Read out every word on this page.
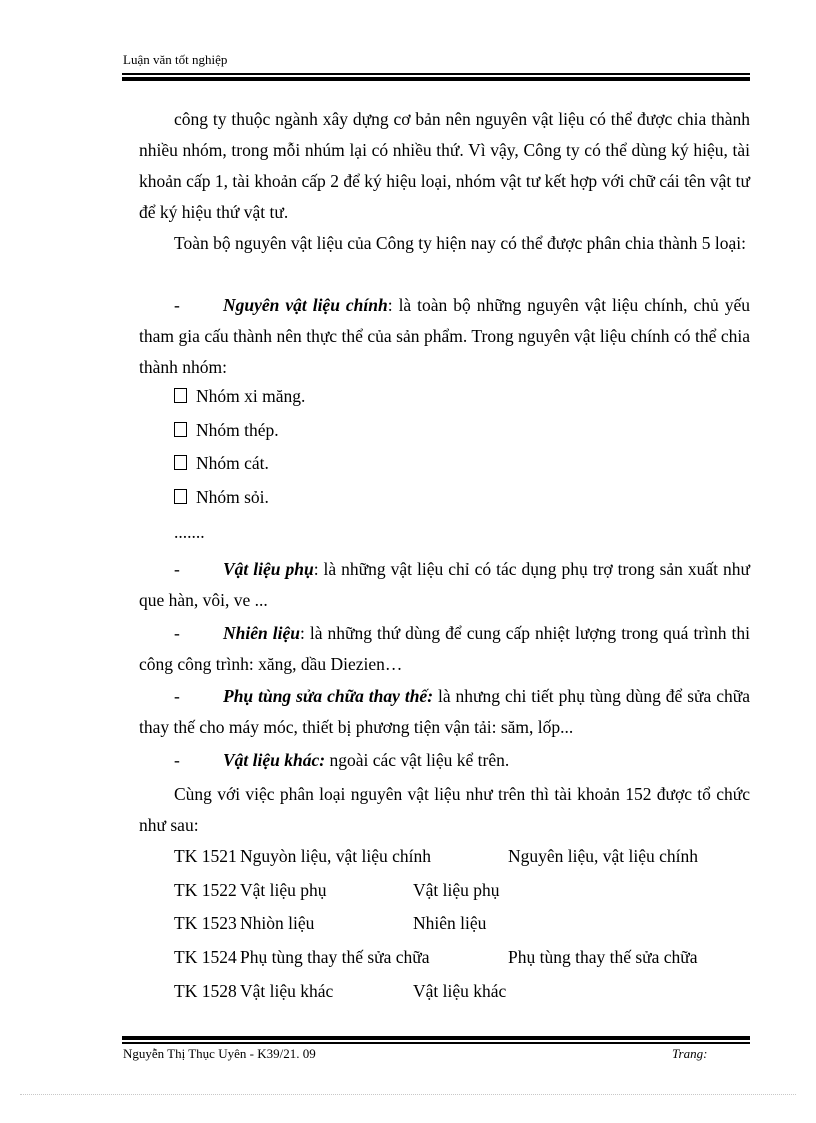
Luận văn tốt nghiệp
công ty thuộc ngành xây dựng cơ bản nên nguyên vật liệu có thể được chia thành nhiều nhóm, trong mỗi nhúm lại có nhiều thứ. Vì vậy, Công ty có thể dùng ký hiệu, tài khoản cấp 1, tài khoản cấp 2 để ký hiệu loại, nhóm vật tư kết hợp với chữ cái tên vật tư để ký hiệu thứ vật tư.
Toàn bộ nguyên vật liệu của Công ty hiện nay có thể được phân chia thành 5 loại:
- Nguyên vật liệu chính: là toàn bộ những nguyên vật liệu chính, chủ yếu tham gia cấu thành nên thực thể của sản phẩm. Trong nguyên vật liệu chính có thể chia thành nhóm:
Nhóm xi măng.
Nhóm thép.
Nhóm cát.
Nhóm sỏi.
.......
- Vật liệu phụ: là những vật liệu chỉ có tác dụng phụ trợ trong sản xuất như que hàn, vôi, ve ...
- Nhiên liệu: là những thứ dùng để cung cấp nhiệt lượng trong quá trình thi công công trình: xăng, dầu Diezien…
- Phụ tùng sửa chữa thay thế: là nhưng chi tiết phụ tùng dùng để sửa chữa thay thế cho máy móc, thiết bị phương tiện vận tải: săm, lốp...
- Vật liệu khác: ngoài các vật liệu kể trên.
Cùng với việc phân loại nguyên vật liệu như trên thì tài khoản 152 được tổ chức như sau:
TK 1521 Nguyòn liệu, vật liệu chính	Nguyên liệu, vật liệu chính
TK 1522 Vật liệu phụ	Vật liệu phụ
TK 1523 Nhiòn liệu	Nhiên liệu
TK 1524 Phụ tùng thay thế sửa chữa	Phụ tùng thay thế sửa chữa
TK 1528 Vật liệu khác	Vật liệu khác
Nguyễn Thị Thục Uyên - K39/21. 09	Trang:
